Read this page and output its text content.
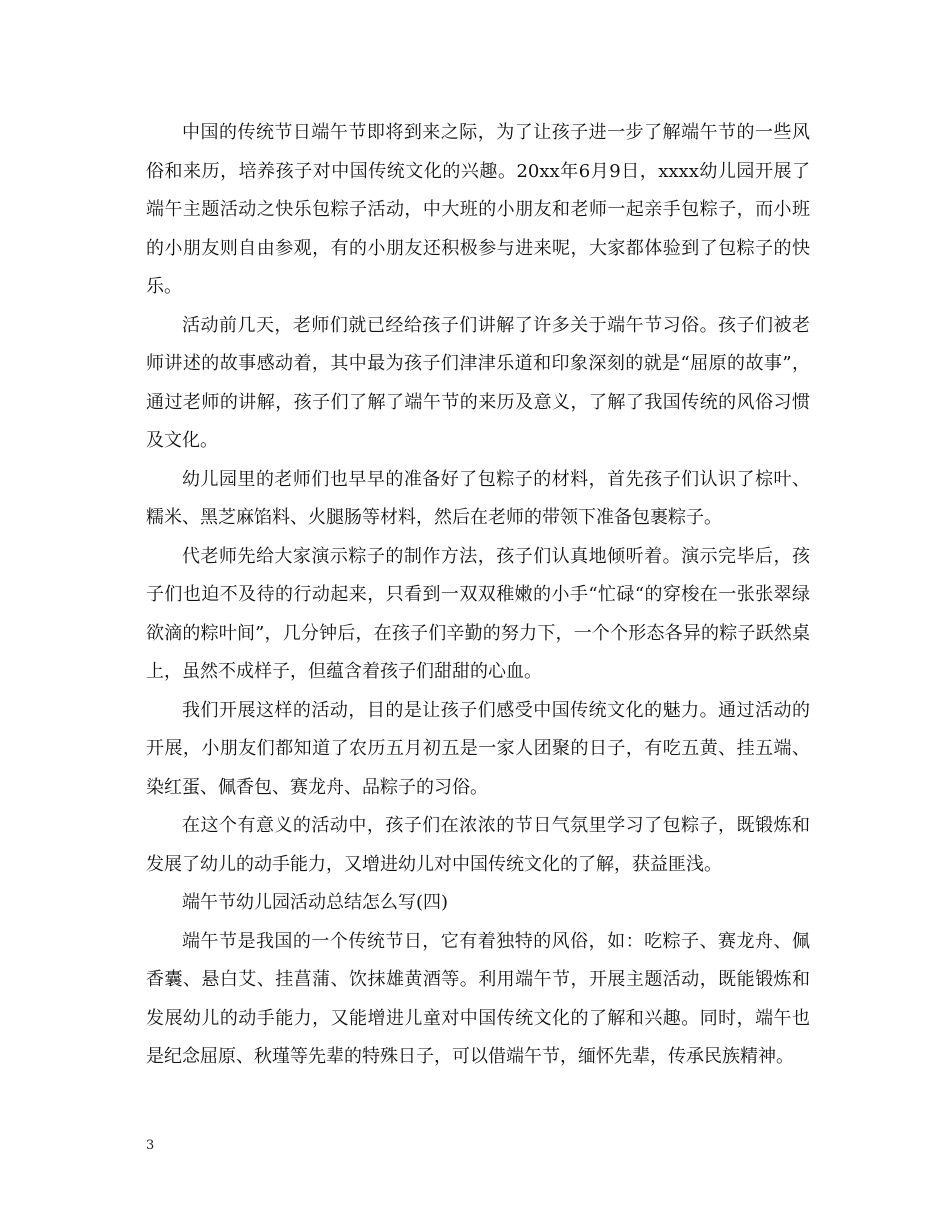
中国的传统节日端午节即将到来之际，为了让孩子进一步了解端午节的一些风俗和来历，培养孩子对中国传统文化的兴趣。20xx年6月9日，xxxx幼儿园开展了端午主题活动之快乐包粽子活动，中大班的小朋友和老师一起亲手包粽子，而小班的小朋友则自由参观，有的小朋友还积极参与进来呢，大家都体验到了包粽子的快乐。

活动前几天，老师们就已经给孩子们讲解了许多关于端午节习俗。孩子们被老师讲述的故事感动着，其中最为孩子们津津乐道和印象深刻的就是“屈原的故事”，通过老师的讲解，孩子们了解了端午节的来历及意义，了解了我国传统的风俗习惯及文化。

幼儿园里的老师们也早早的准备好了包粽子的材料，首先孩子们认识了棕叶、糯米、黑芝麻馅料、火腿肠等材料，然后在老师的带领下准备包裹粽子。

代老师先给大家演示粽子的制作方法，孩子们认真地倾听着。演示完毕后，孩子们也迫不及待的行动起来，只看到一双双稚嫩的小手“忙碌“的穿梭在一张张翠绿欲滴的粽叶间”，几分钟后，在孩子们辛勤的努力下，一个个形态各异的粽子跃然桌上，虽然不成样子，但蕴含着孩子们甜甜的心血。

我们开展这样的活动，目的是让孩子们感受中国传统文化的魅力。通过活动的开展，小朋友们都知道了农历五月初五是一家人团聚的日子，有吃五黄、挂五端、染红蛋、佩香包、赛龙舟、品粽子的习俗。

在这个有意义的活动中，孩子们在浓浓的节日气氛里学习了包粽子，既锻炼和发展了幼儿的动手能力，又增进幼儿对中国传统文化的了解，获益匪浅。

端午节幼儿园活动总结怎么写(四)

端午节是我国的一个传统节日，它有着独特的风俗，如：吃粽子、赛龙舟、佩香囊、悬白艾、挂菖蒲、饮抹雄黄酒等。利用端午节，开展主题活动，既能锻炼和发展幼儿的动手能力，又能增进儿童对中国传统文化的了解和兴趣。同时，端午也是纪念屈原、秋瑾等先辈的特殊日子，可以借端午节，缅怀先辈，传承民族精神。

3
